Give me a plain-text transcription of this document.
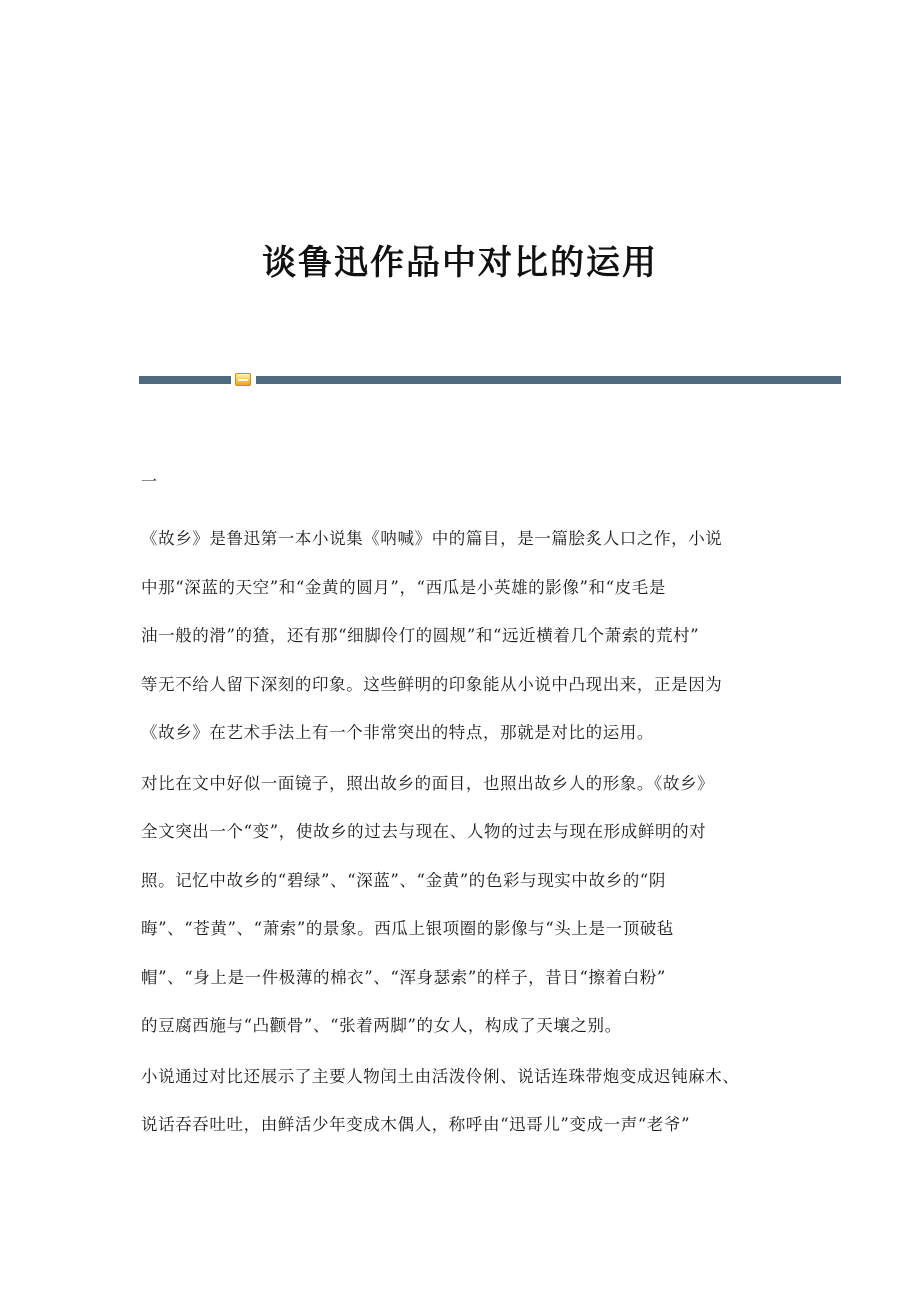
谈鲁迅作品中对比的运用
一
《故乡》是鲁迅第一本小说集《呐喊》中的篇目，是一篇脍炙人口之作，小说
中那“深蓝的天空”和“金黄的圆月”，“西瓜是小英雄的影像”和“皮毛是
油一般的滑”的猹，还有那“细脚伶仃的圆规”和“远近横着几个萧索的荒村”
等无不给人留下深刻的印象。这些鲜明的印象能从小说中凸现出来，正是因为
《故乡》在艺术手法上有一个非常突出的特点，那就是对比的运用。
对比在文中好似一面镜子，照出故乡的面目，也照出故乡人的形象。《故乡》
全文突出一个“变”，使故乡的过去与现在、人物的过去与现在形成鲜明的对
照。记忆中故乡的“碧绿”、“深蓝”、“金黄”的色彩与现实中故乡的“阴
晦”、“苍黄”、“萧索”的景象。西瓜上银项圈的影像与“头上是一顶破毡
帽”、“身上是一件极薄的棉衣”、“浑身瑟索”的样子，昔日“擦着白粉”
的豆腐西施与“凸颧骨”、“张着两脚”的女人，构成了天壤之别。
小说通过对比还展示了主要人物闰土由活泼伶俐、说话连珠带炮变成迟钝麻木、
说话吞吞吐吐，由鲜活少年变成木偶人，称呼由“迅哥儿”变成一声“老爷”
